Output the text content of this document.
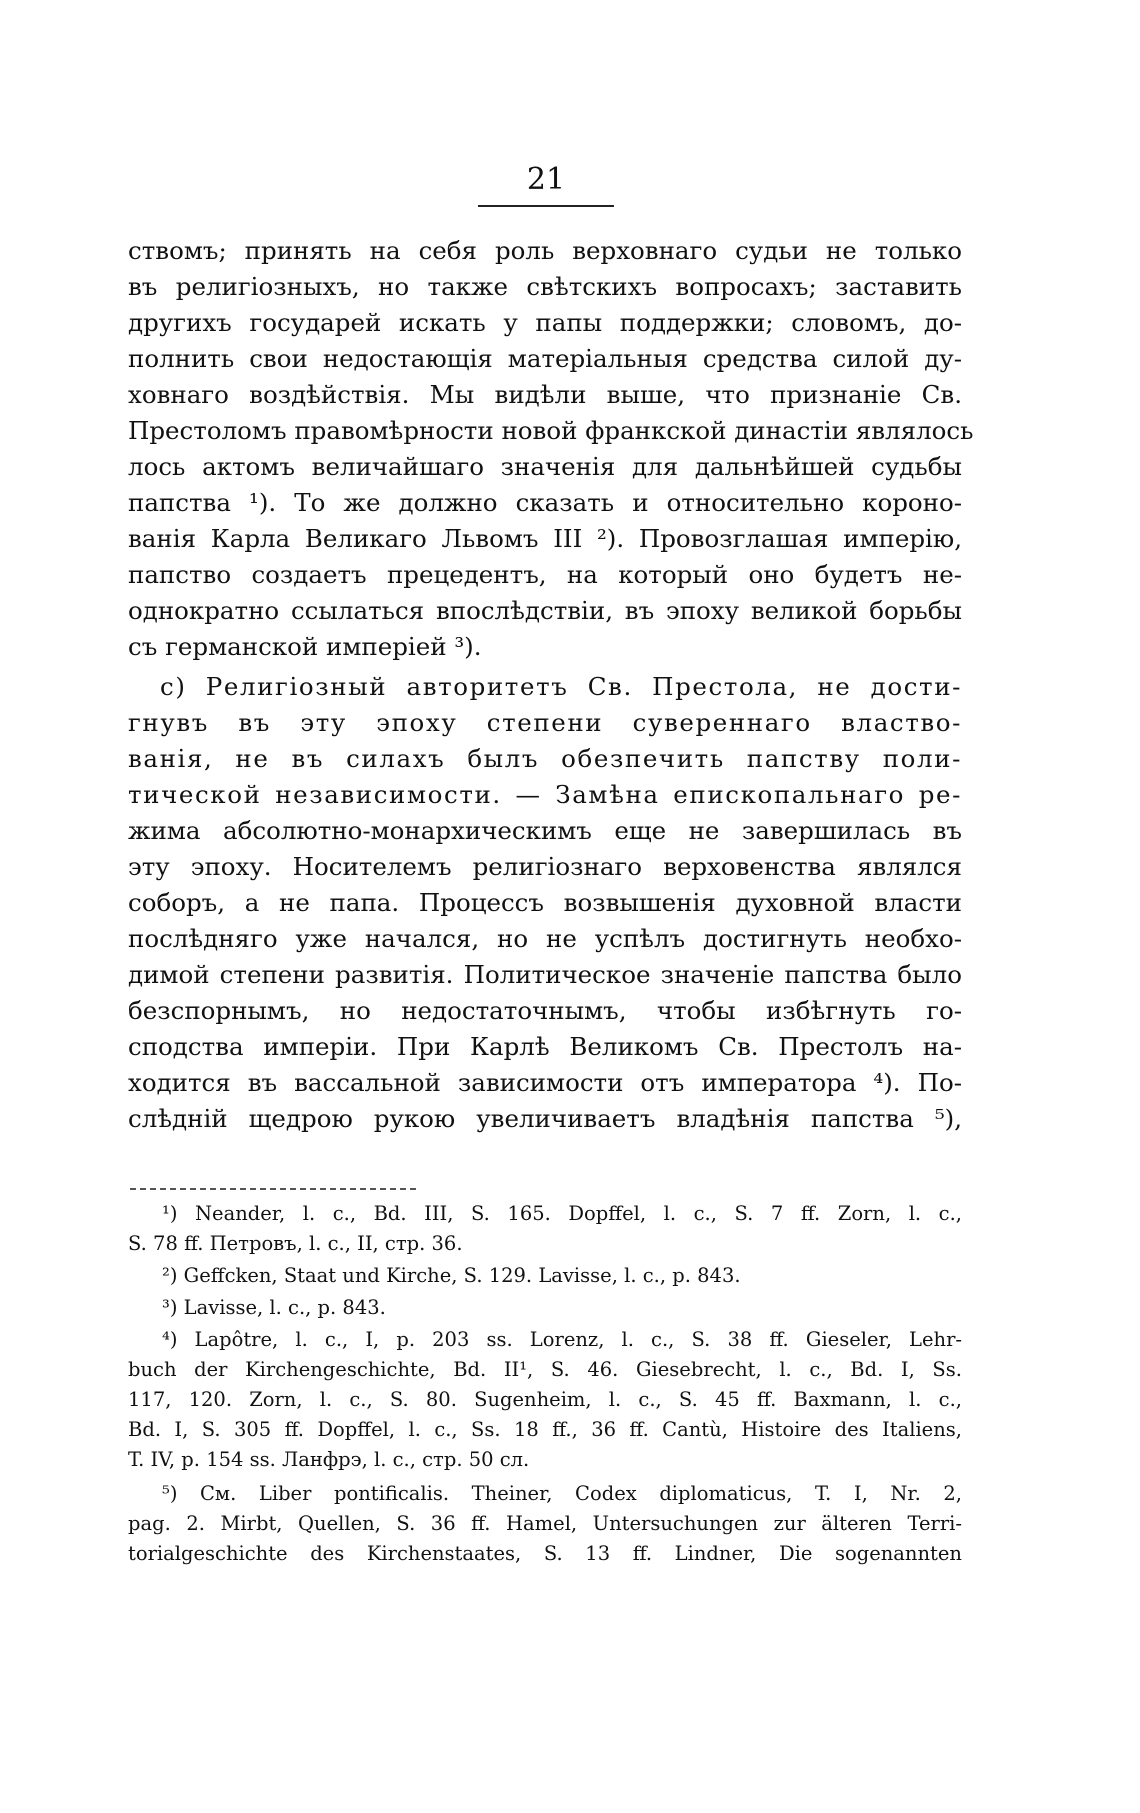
21
ствомъ; принять на себя роль верховнаго судьи не только
въ религіозныхъ, но также свѣтскихъ вопросахъ; заставить
другихъ государей искать у папы поддержки; словомъ, до-
полнить свои недостающія матеріальныя средства силой ду-
ховнаго воздѣйствія. Мы видѣли выше, что признаніе Св.
Престоломъ правомѣрности новой франкской династіи являлось
лось актомъ величайшаго значенія для дальнѣйшей судьбы
папства ¹). То же должно сказать и относительно короно-
ванія Карла Великаго Львомъ III ²). Провозглашая имперію,
папство создаетъ прецедентъ, на который оно будетъ не-
однократно ссылаться впослѣдствіи, въ эпоху великой борьбы
съ германской имперіей ³).
c) Религіозный авторитетъ Св. Престола, не дости-
гнувъ въ эту эпоху степени сувереннаго властво-
ванія, не въ силахъ былъ обезпечить папству поли-
тической независимости. — Замѣна епископальнаго ре-
жима абсолютно-монархическимъ еще не завершилась въ
эту эпоху. Носителемъ религіознаго верховенства являлся
соборъ, а не папа. Процессъ возвышенія духовной власти
послѣдняго уже начался, но не успѣлъ достигнуть необхо-
димой степени развитія. Политическое значеніе папства было
безспорнымъ, но недостаточнымъ, чтобы избѣгнуть го-
сподства имперіи. При Карлѣ Великомъ Св. Престолъ на-
ходится въ вассальной зависимости отъ императора ⁴). По-
слѣдній щедрою рукою увеличиваетъ владѣнія папства ⁵),
¹) Neander, l. c., Bd. III, S. 165. Dopffel, l. c., S. 7 ff. Zorn, l. c.,
S. 78 ff. Петровъ, l. c., II, стр. 36.
²) Geffcken, Staat und Kirche, S. 129. Lavisse, l. c., p. 843.
³) Lavisse, l. c., p. 843.
⁴) Lapôtre, l. c., I, p. 203 ss. Lorenz, l. c., S. 38 ff. Gieseler, Lehr-
buch der Kirchengeschichte, Bd. II¹, S. 46. Giesebrecht, l. c., Bd. I, Ss.
117, 120. Zorn, l. c., S. 80. Sugenheim, l. c., S. 45 ff. Baxmann, l. c.,
Bd. I, S. 305 ff. Dopffel, l. c., Ss. 18 ff., 36 ff. Cantù, Histoire des Italiens,
T. IV, p. 154 ss. Ланфрэ, l. c., стр. 50 сл.
⁵) См. Liber pontificalis. Theiner, Codex diplomaticus, T. I, Nr. 2,
pag. 2. Mirbt, Quellen, S. 36 ff. Hamel, Untersuchungen zur älteren Terri-
torialgeschichte des Kirchenstaates, S. 13 ff. Lindner, Die sogenannten
